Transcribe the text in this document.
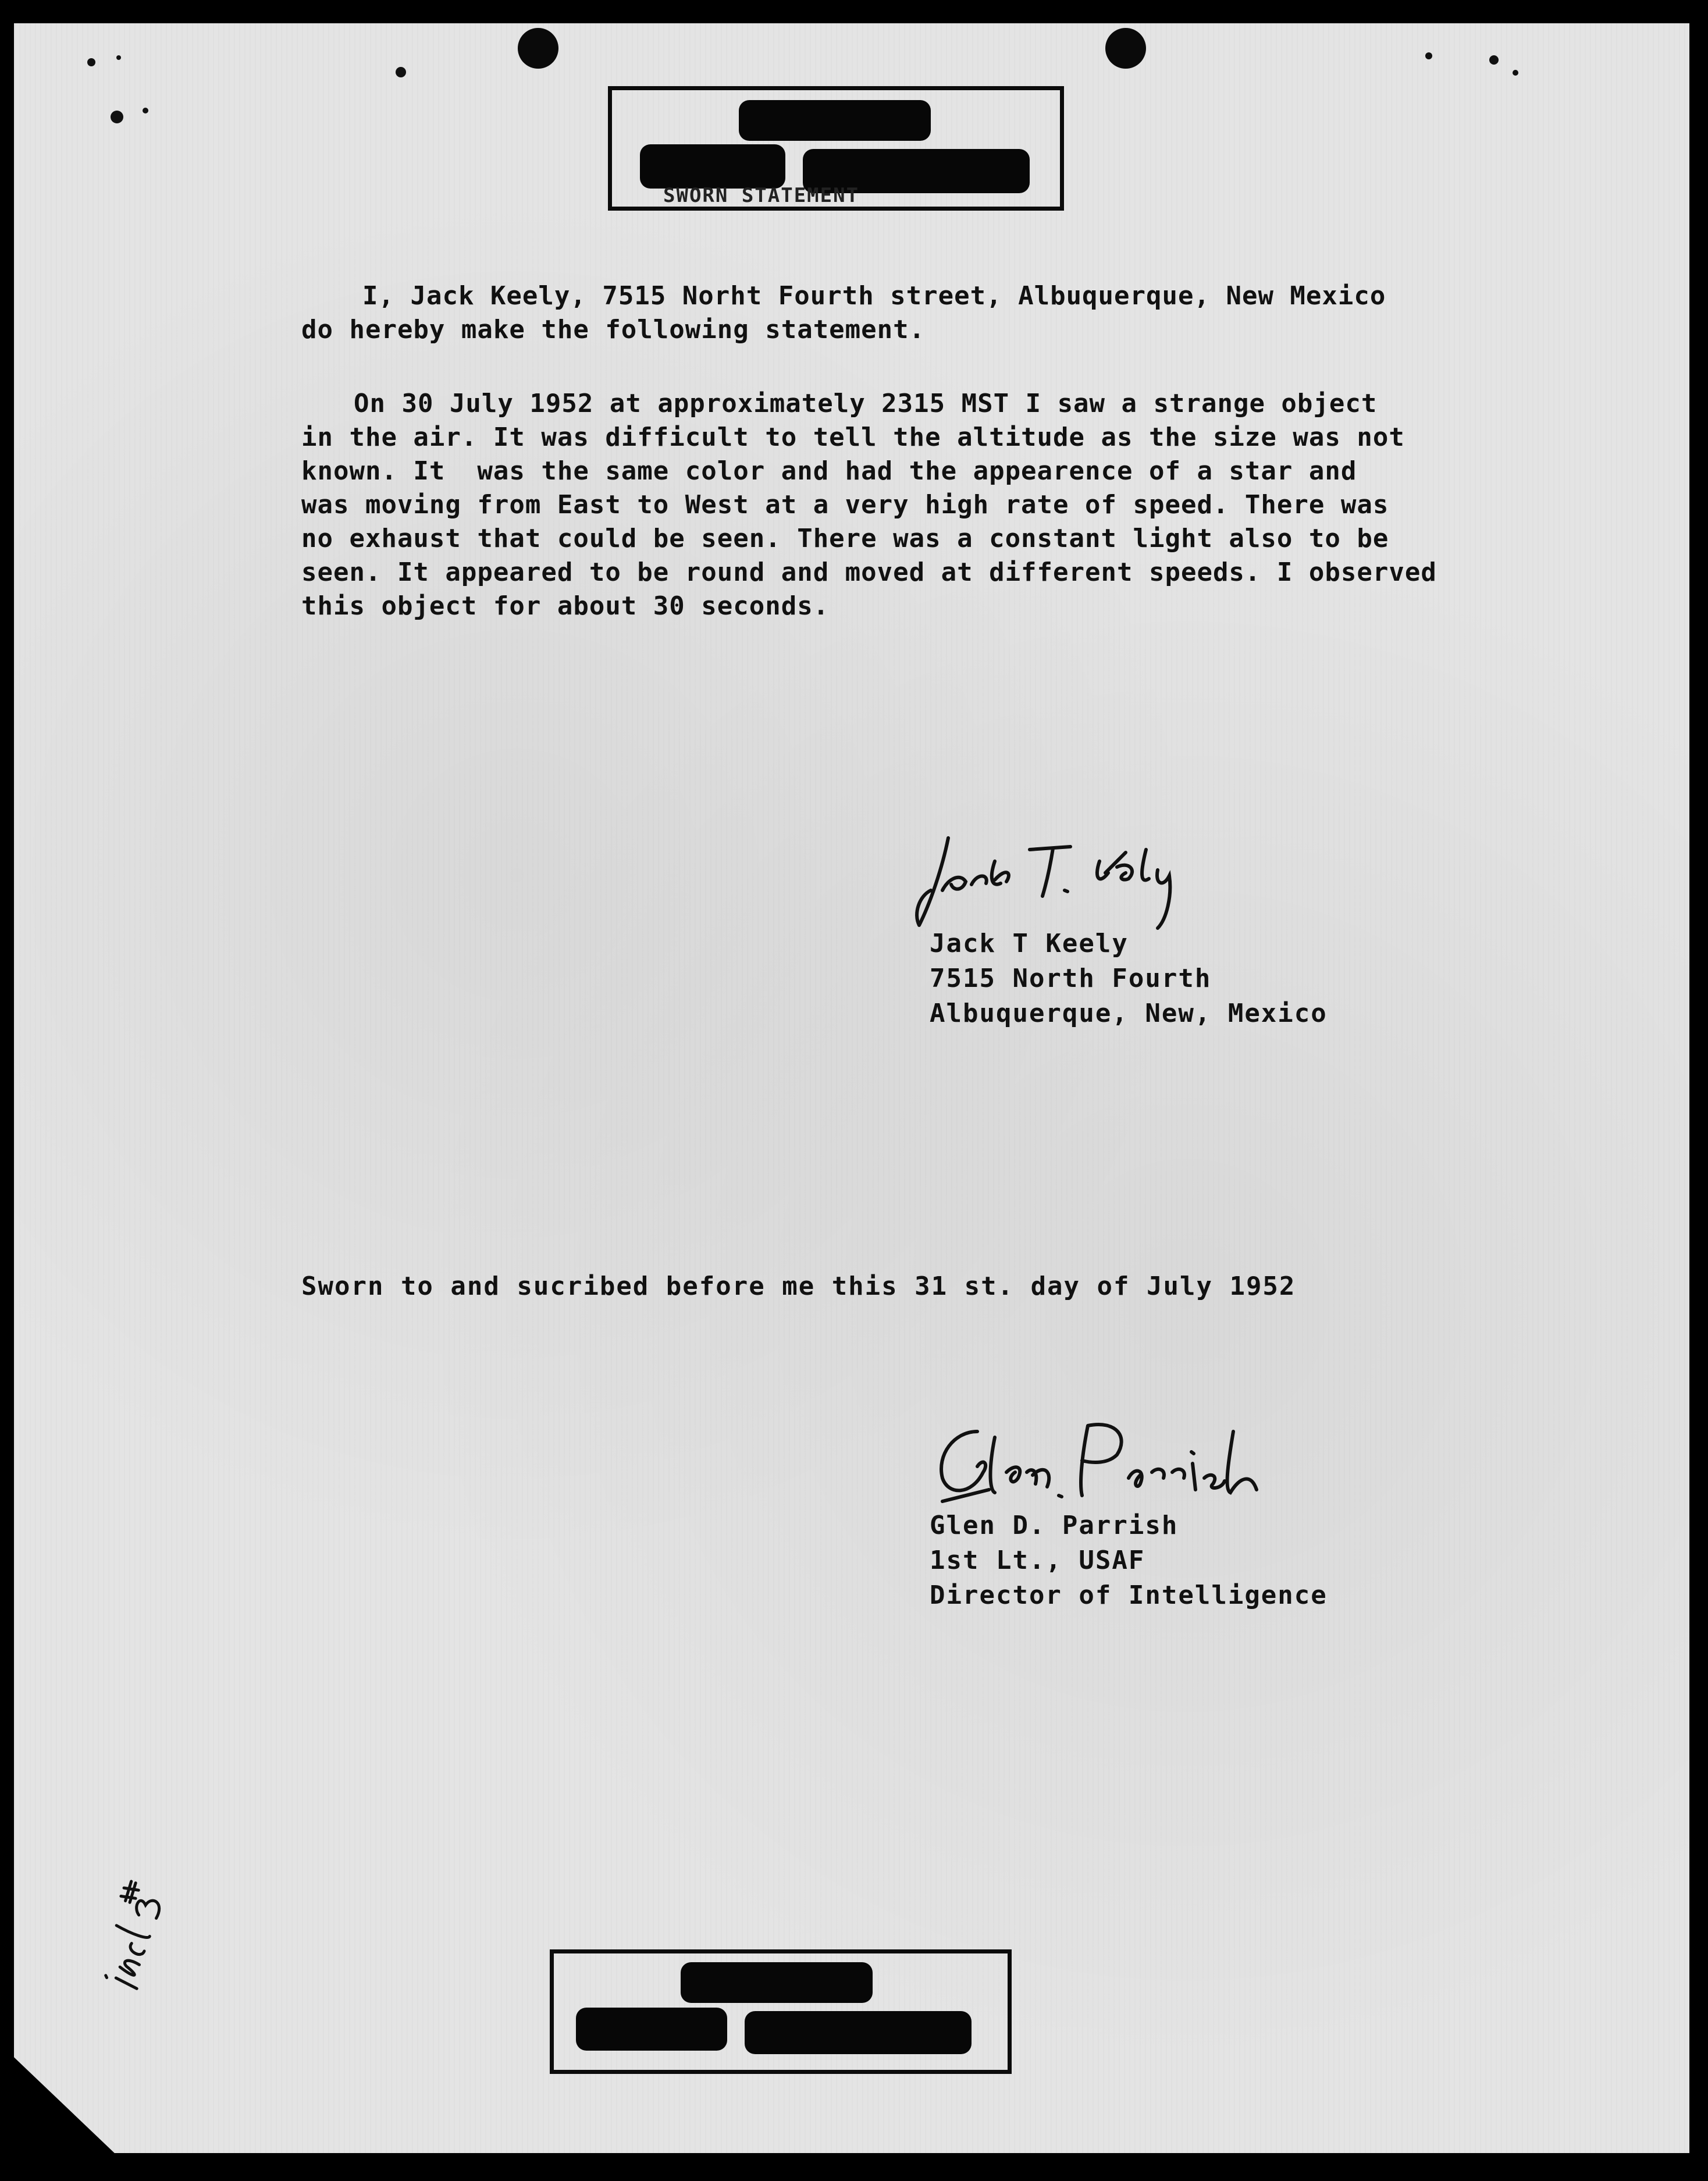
SWORN STATEMENT
I, Jack Keely, 7515 Norht Fourth street, Albuquerque, New Mexico
do hereby make the following statement.
On 30 July 1952 at approximately 2315 MST I saw a strange object
in the air. It was difficult to tell the altitude as the size was not
known. It  was the same color and had the appearence of a star and
was moving from East to West at a very high rate of speed. There was
no exhaust that could be seen. There was a constant light also to be
seen. It appeared to be round and moved at different speeds. I observed
this object for about 30 seconds.
Jack T Keely
7515 North Fourth
Albuquerque, New, Mexico
Sworn to and sucribed before me this 31 st. day of July 1952
Glen D. Parrish
1st Lt., USAF
Director of Intelligence
